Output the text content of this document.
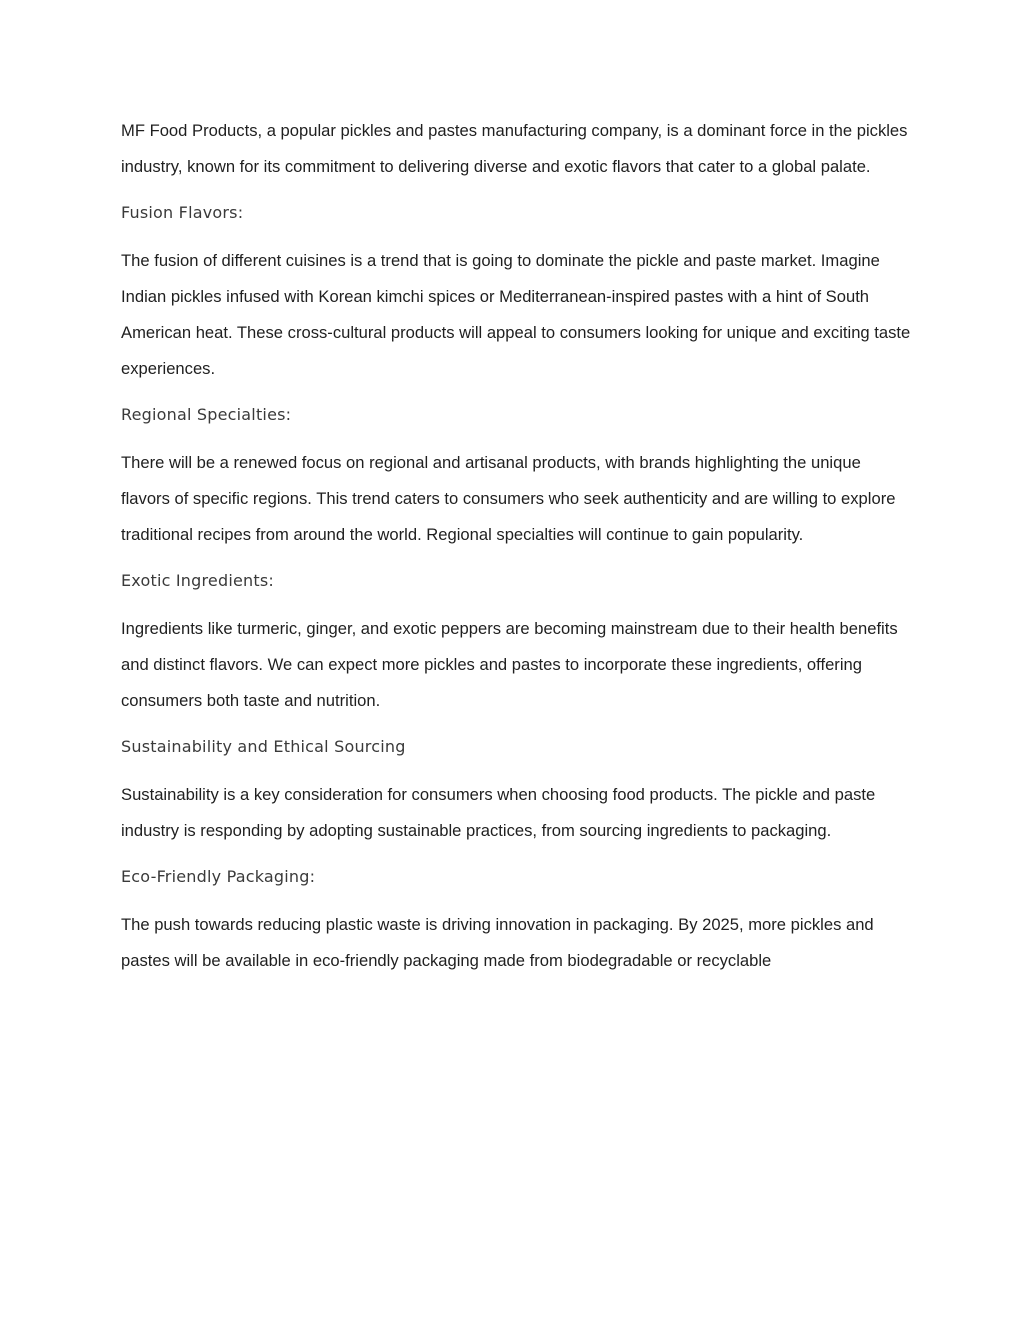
MF Food Products, a popular pickles and pastes manufacturing company, is a dominant force in the pickles industry, known for its commitment to delivering diverse and exotic flavors that cater to a global palate.

Fusion Flavors:

The fusion of different cuisines is a trend that is going to dominate the pickle and paste market. Imagine Indian pickles infused with Korean kimchi spices or Mediterranean-inspired pastes with a hint of South American heat. These cross-cultural products will appeal to consumers looking for unique and exciting taste experiences.

Regional Specialties:

There will be a renewed focus on regional and artisanal products, with brands highlighting the unique flavors of specific regions. This trend caters to consumers who seek authenticity and are willing to explore traditional recipes from around the world. Regional specialties will continue to gain popularity.

Exotic Ingredients:

Ingredients like turmeric, ginger, and exotic peppers are becoming mainstream due to their health benefits and distinct flavors. We can expect more pickles and pastes to incorporate these ingredients, offering consumers both taste and nutrition.

Sustainability and Ethical Sourcing

Sustainability is a key consideration for consumers when choosing food products. The pickle and paste industry is responding by adopting sustainable practices, from sourcing ingredients to packaging.

Eco-Friendly Packaging:

The push towards reducing plastic waste is driving innovation in packaging. By 2025, more pickles and pastes will be available in eco-friendly packaging made from biodegradable or recyclable
